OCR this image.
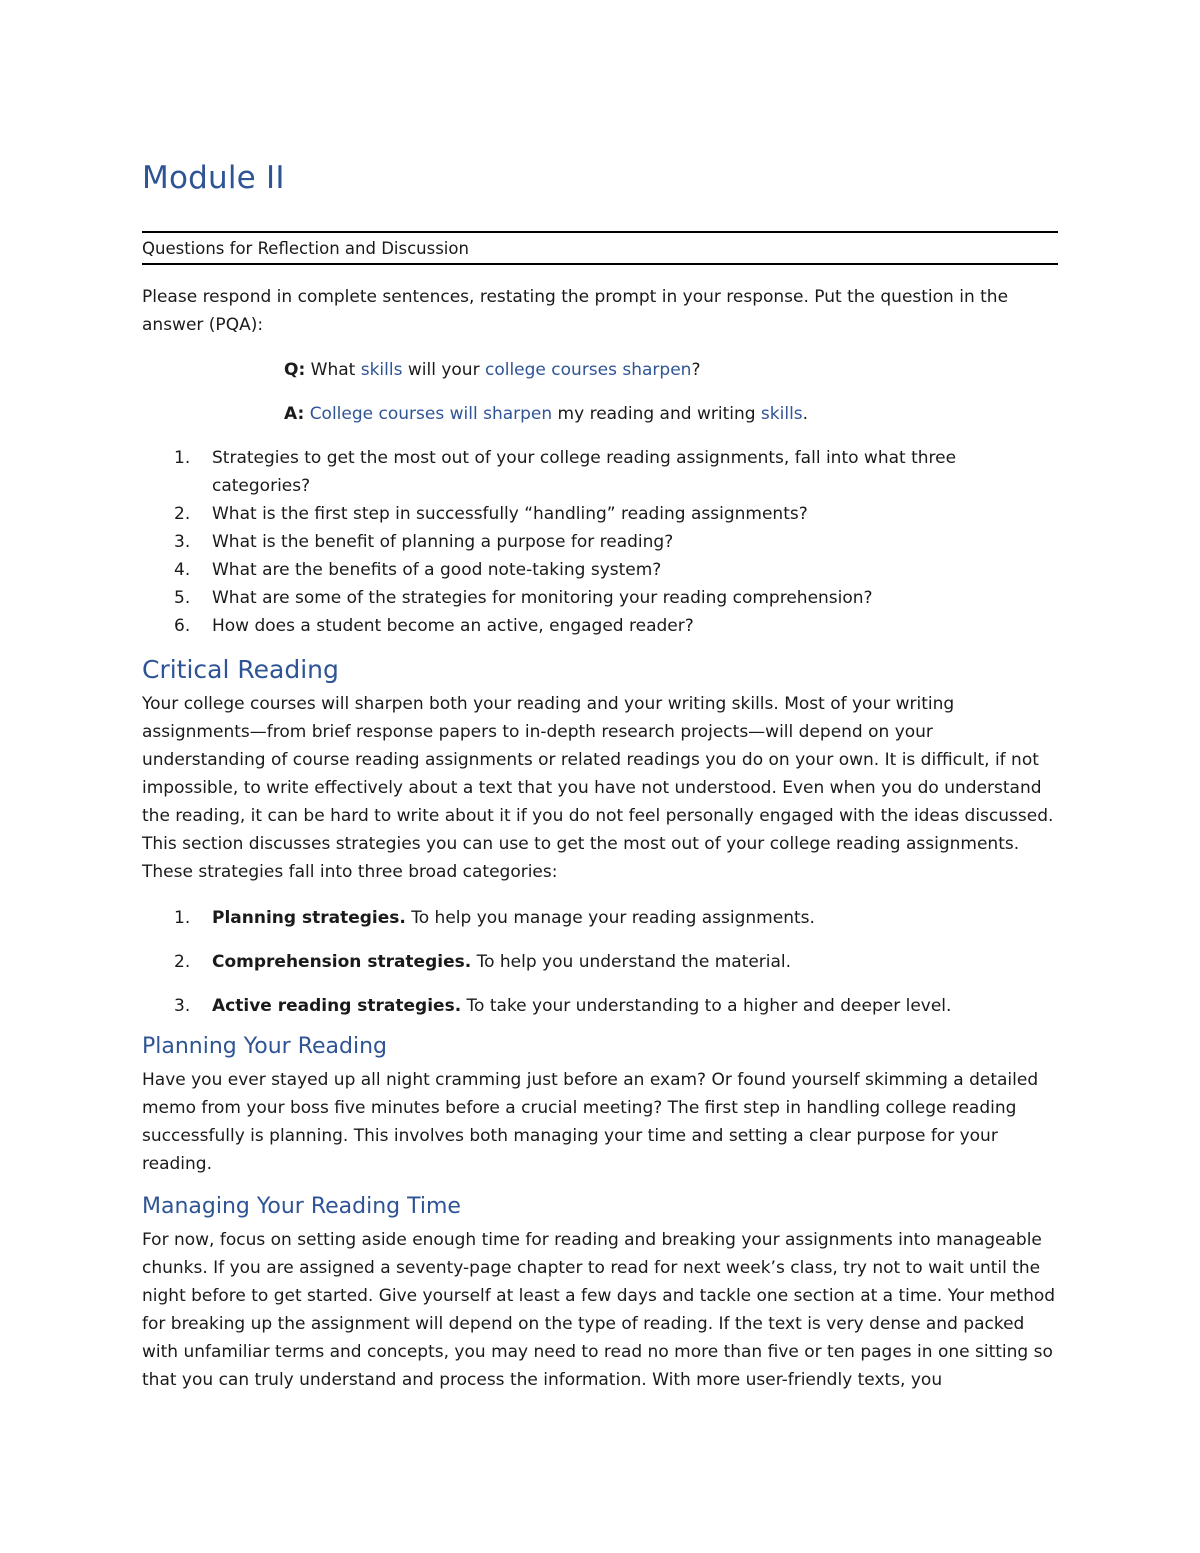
Module II
Questions for Reflection and Discussion

Please respond in complete sentences, restating the prompt in your response. Put the question in the answer (PQA):

Q: What skills will your college courses sharpen?

A: College courses will sharpen my reading and writing skills.

1. Strategies to get the most out of your college reading assignments, fall into what three categories?
2. What is the first step in successfully “handling” reading assignments?
3. What is the benefit of planning a purpose for reading?
4. What are the benefits of a good note-taking system?
5. What are some of the strategies for monitoring your reading comprehension?
6. How does a student become an active, engaged reader?
Critical Reading

Your college courses will sharpen both your reading and your writing skills. Most of your writing assignments—from brief response papers to in-depth research projects—will depend on your understanding of course reading assignments or related readings you do on your own. It is difficult, if not impossible, to write effectively about a text that you have not understood. Even when you do understand the reading, it can be hard to write about it if you do not feel personally engaged with the ideas discussed. This section discusses strategies you can use to get the most out of your college reading assignments. These strategies fall into three broad categories:

1. Planning strategies. To help you manage your reading assignments.
2. Comprehension strategies. To help you understand the material.
3. Active reading strategies. To take your understanding to a higher and deeper level.
Planning Your Reading

Have you ever stayed up all night cramming just before an exam? Or found yourself skimming a detailed memo from your boss five minutes before a crucial meeting? The first step in handling college reading successfully is planning. This involves both managing your time and setting a clear purpose for your reading.

Managing Your Reading Time

For now, focus on setting aside enough time for reading and breaking your assignments into manageable chunks. If you are assigned a seventy-page chapter to read for next week’s class, try not to wait until the night before to get started. Give yourself at least a few days and tackle one section at a time. Your method for breaking up the assignment will depend on the type of reading. If the text is very dense and packed with unfamiliar terms and concepts, you may need to read no more than five or ten pages in one sitting so that you can truly understand and process the information. With more user-friendly texts, you
